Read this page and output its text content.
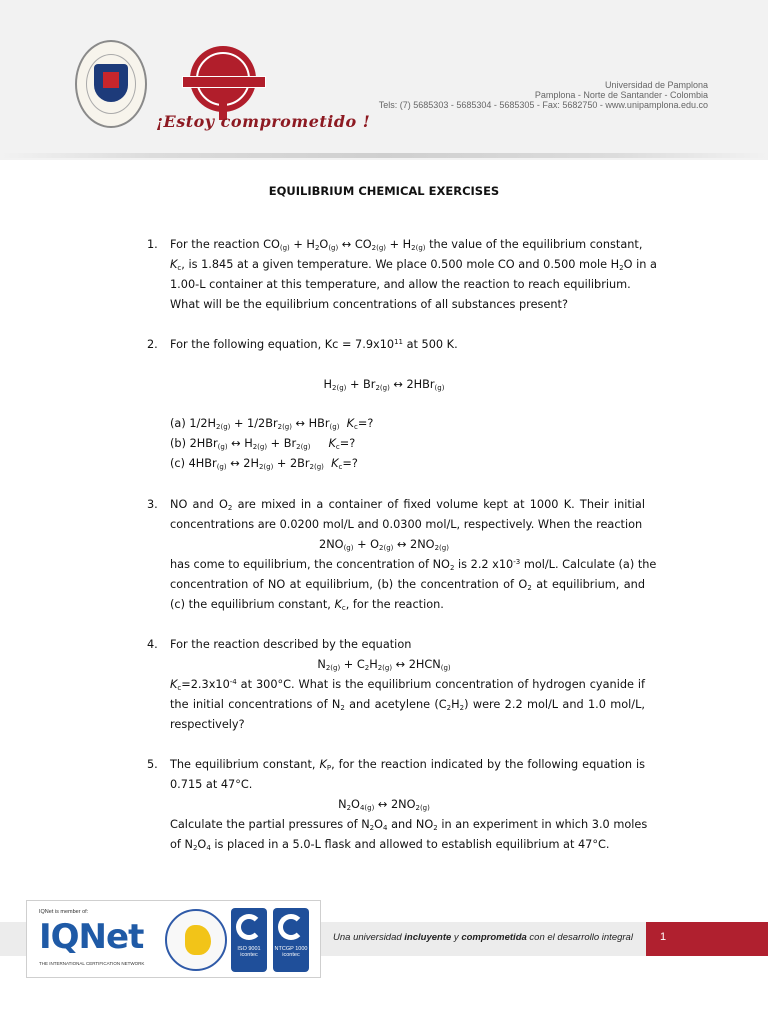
¡Estoy comprometido !
Universidad de Pamplona
Pamplona - Norte de Santander - Colombia
Tels: (7) 5685303 - 5685304 - 5685305 - Fax: 5682750 - www.unipamplona.edu.co
EQUILIBRIUM CHEMICAL EXERCISES
1. For the reaction $CO_{(g)} + H_2O_{(g)}$ ↔ $CO_{2(g)} + H_{2(g)}$ the value of the equilibrium constant,
$K_c$, is 1.845 at a given temperature. We place 0.500 mole CO and 0.500 mole $H_2O$ in a
1.00-L container at this temperature, and allow the reaction to reach equilibrium.
What will be the equilibrium concentrations of all substances present?
2. For the following equation, $Kc = 7.9x10^{11}$ at 500 K.
$H_{2(g)} + Br_{2(g)}$ ↔ 2HBr$_{(g)}$
(a) $1/2H_{2(g)} + 1/2Br_{2(g)}$ ↔ HBr$_{(g)}$ $K_c=$?
(b) 2HBr$_{(g)}$ ↔ $H_{2(g)} + Br_{2(g)}$ $K_c=$?
(c) 4HBr$_{(g)}$ ↔ $2H_{2(g)} + 2Br_{2(g)}$ $K_c=$?
3. NO and $O_2$ are mixed in a container of fixed volume kept at 1000 K. Their initial
concentrations are 0.0200 mol/L and 0.0300 mol/L, respectively. When the reaction
$2NO_{(g)} + O_{2(g)}$ ↔ $2NO_{2(g)}$
has come to equilibrium, the concentration of $NO_2$ is 2.2 $x10^{-3}$ mol/L. Calculate (a) the
concentration of NO at equilibrium, (b) the concentration of $O_2$ at equilibrium, and
(c) the equilibrium constant, $K_c$, for the reaction.
4. For the reaction described by the equation
$N_{2(g)} + C_2H_{2(g)}$ ↔ $2HCN_{(g)}$
$K_c=2.3x10^{-4}$ at 300°C. What is the equilibrium concentration of hydrogen cyanide if
the initial concentrations of $N_2$ and acetylene $(C_2H_2)$ were 2.2 mol/L and 1.0 mol/L,
respectively?
5. The equilibrium constant, $K_P$, for the reaction indicated by the following equation is
0.715 at 47°C.
$N_2O_{4(g)}$ ↔ $2NO_{2(g)}$
Calculate the partial pressures of $N_2O_4$ and $NO_2$ in an experiment in which 3.0 moles
of $N_2O_4$ is placed in a 5.0-L flask and allowed to establish equilibrium at 47°C.
Una universidad incluyente y comprometida con el desarrollo integral 1
IQNet is member of:
IQNet
THE INTERNATIONAL CERTIFICATION NETWORK
ISO 9001
icontec
NTCGP 1000
icontec
